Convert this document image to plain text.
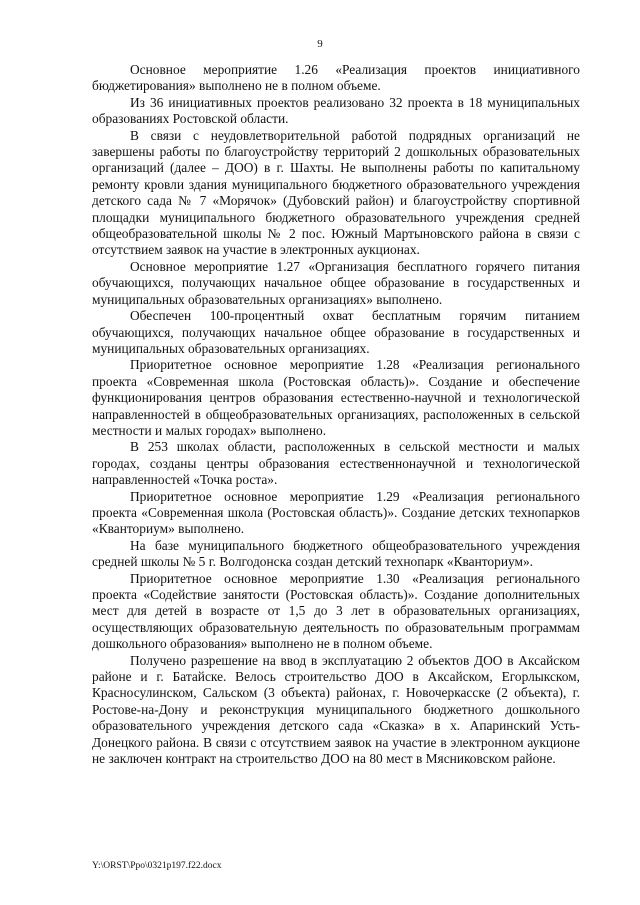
9

Основное мероприятие 1.26 «Реализация проектов инициативного бюджетирования» выполнено не в полном объеме.

Из 36 инициативных проектов реализовано 32 проекта в 18 муниципальных образованиях Ростовской области.

В связи с неудовлетворительной работой подрядных организаций не завершены работы по благоустройству территорий 2 дошкольных образовательных организаций (далее – ДОО) в г. Шахты. Не выполнены работы по капитальному ремонту кровли здания муниципального бюджетного образовательного учреждения детского сада № 7 «Морячок» (Дубовский район) и благоустройству спортивной площадки муниципального бюджетного образовательного учреждения средней общеобразовательной школы № 2 пос. Южный Мартыновского района в связи с отсутствием заявок на участие в электронных аукционах.

Основное мероприятие 1.27 «Организация бесплатного горячего питания обучающихся, получающих начальное общее образование в государственных и муниципальных образовательных организациях» выполнено.

Обеспечен 100-процентный охват бесплатным горячим питанием обучающихся, получающих начальное общее образование в государственных и муниципальных образовательных организациях.

Приоритетное основное мероприятие 1.28 «Реализация регионального проекта «Современная школа (Ростовская область)». Создание и обеспечение функционирования центров образования естественно-научной и технологической направленностей в общеобразовательных организациях, расположенных в сельской местности и малых городах» выполнено.

В 253 школах области, расположенных в сельской местности и малых городах, созданы центры образования естественнонаучной и технологической направленностей «Точка роста».

Приоритетное основное мероприятие 1.29 «Реализация регионального проекта «Современная школа (Ростовская область)». Создание детских технопарков «Кванториум» выполнено.

На базе муниципального бюджетного общеобразовательного учреждения средней школы № 5 г. Волгодонска создан детский технопарк «Кванториум».

Приоритетное основное мероприятие 1.30 «Реализация регионального проекта «Содействие занятости (Ростовская область)». Создание дополнительных мест для детей в возрасте от 1,5 до 3 лет в образовательных организациях, осуществляющих образовательную деятельность по образовательным программам дошкольного образования» выполнено не в полном объеме.

Получено разрешение на ввод в эксплуатацию 2 объектов ДОО в Аксайском районе и г. Батайске. Велось строительство ДОО в Аксайском, Егорлыкском, Красносулинском, Сальском (3 объекта) районах, г. Новочеркасске (2 объекта), г. Ростове-на-Дону и реконструкция муниципального бюджетного дошкольного образовательного учреждения детского сада «Сказка» в х. Апаринский Усть-Донецкого района. В связи с отсутствием заявок на участие в электронном аукционе не заключен контракт на строительство ДОО на 80 мест в Мясниковском районе.

Y:\ORST\Ppo\0321p197.f22.docx
